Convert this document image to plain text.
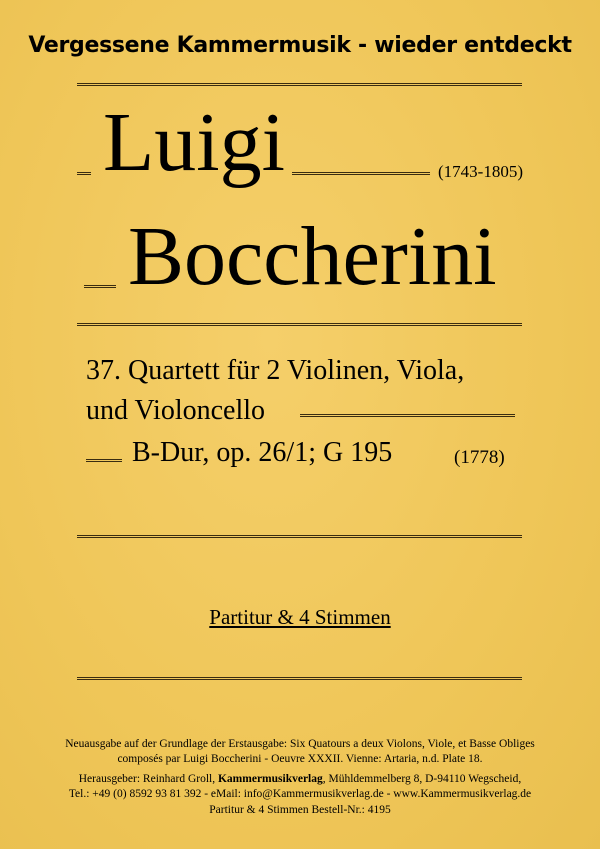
Vergessene Kammermusik - wieder entdeckt
Luigi	(1743-1805)
Boccherini
37. Quartett für 2 Violinen, Viola,
und Violoncello
B-Dur, op. 26/1; G 195	(1778)
Partitur & 4 Stimmen
Neuausgabe auf der Grundlage der Erstausgabe: Six Quatours a deux Violons, Viole, et Basse Obliges
composés par Luigi Boccherini - Oeuvre XXXII. Vienne: Artaria, n.d. Plate 18.
Herausgeber: Reinhard Groll, Kammermusikverlag, Mühldemmelberg 8, D-94110 Wegscheid,
Tel.: +49 (0) 8592 93 81 392 - eMail: info@Kammermusikverlag.de - www.Kammermusikverlag.de
Partitur & 4 Stimmen Bestell-Nr.: 4195
